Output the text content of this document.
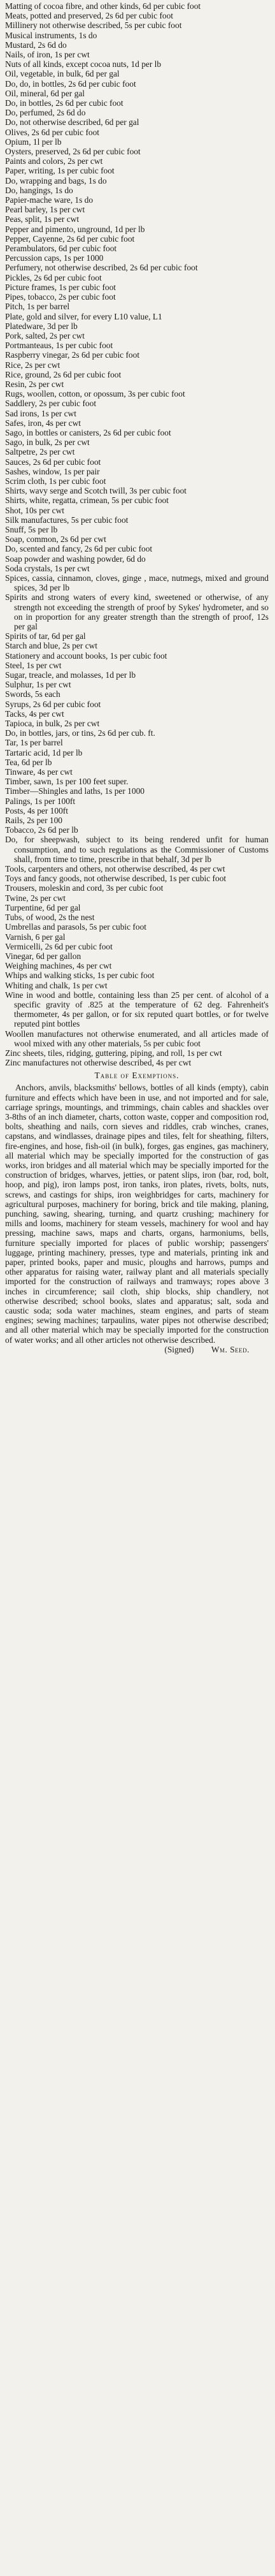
Matting of cocoa fibre, and other kinds, 6d per cubic foot

Meats, potted and preserved, 2s 6d per cubic foot

Millinery not otherwise described, 5s per cubic foot

Musical instruments, 1s do

Mustard, 2s 6d do

Nails, of iron, 1s per cwt

Nuts of all kinds, except cocoa nuts, 1d per lb

Oil, vegetable, in bulk, 6d per gal

Do, do, in bottles, 2s 6d per cubic foot

Oil, mineral, 6d per gal

Do, in bottles, 2s 6d per cubic foot

Do, perfumed, 2s 6d do

Do, not otherwise described, 6d per gal

Olives, 2s 6d per cubic foot

Opium, 1l per lb

Oysters, preserved, 2s 6d per cubic foot

Paints and colors, 2s per cwt

Paper, writing, 1s per cubic foot

Do, wrapping and bags, 1s do

Do, hangings, 1s do

Papier-mache ware, 1s do

Pearl barley, 1s per cwt

Peas, split, 1s per cwt

Pepper and pimento, unground, 1d per lb

Pepper, Cayenne, 2s 6d per cubic foot

Perambulators, 6d per cubic foot

Percussion caps, 1s per 1000

Perfumery, not otherwise described, 2s 6d per cubic foot

Pickles, 2s 6d per cubic foot

Picture frames, 1s per cubic foot

Pipes, tobacco, 2s per cubic foot

Pitch, 1s per barrel

Plate, gold and silver, for every L10 value, L1

Platedware, 3d per lb

Pork, salted, 2s per cwt

Portmanteaus, 1s per cubic foot

Raspberry vinegar, 2s 6d per cubic foot

Rice, 2s per cwt

Rice, ground, 2s 6d per cubic foot

Resin, 2s per cwt

Rugs, woollen, cotton, or opossum, 3s per cubic foot

Saddlery, 2s per cubic foot

Sad irons, 1s per cwt

Safes, iron, 4s per cwt

Sago, in bottles or canisters, 2s 6d per cubic foot

Sago, in bulk, 2s per cwt

Saltpetre, 2s per cwt

Sauces, 2s 6d per cubic foot

Sashes, window, 1s per pair

Scrim cloth, 1s per cubic foot

Shirts, wavy serge and Scotch twill, 3s per cubic foot

Shirts, white, regatta, crimean, 5s per cubic foot

Shot, 10s per cwt

Silk manufactures, 5s per cubic foot

Snuff, 5s per lb

Soap, common, 2s 6d per cwt

Do, scented and fancy, 2s 6d per cubic foot

Soap powder and washing powder, 6d do

Soda crystals, 1s per cwt

Spices, cassia, cinnamon, cloves, ginge , mace, nutmegs, mixed and ground spices, 3d per lb

Spirits and strong waters of every kind, sweetened or otherwise, of any strength not exceeding the strength of proof by Sykes' hydrometer, and so on in proportion for any greater strength than the strength of proof, 12s per gal

Spirits of tar, 6d per gal

Starch and blue, 2s per cwt

Stationery and account books, 1s per cubic foot

Steel, 1s per cwt

Sugar, treacle, and molasses, 1d per lb

Sulphur, 1s per cwt

Swords, 5s each

Syrups, 2s 6d per cubic foot

Tacks, 4s per cwt

Tapioca, in bulk, 2s per cwt

Do, in bottles, jars, or tins, 2s 6d per cub. ft.

Tar, 1s per barrel

Tartaric acid, 1d per lb

Tea, 6d per lb

Tinware, 4s per cwt

Timber, sawn, 1s per 100 feet super.

Timber—Shingles and laths, 1s per 1000

Palings, 1s per 100ft

Posts, 4s per 100ft

Rails, 2s per 100

Tobacco, 2s 6d per lb

Do, for sheepwash, subject to its being rendered unfit for human consumption, and to such regulations as the Commissioner of Customs shall, from time to time, prescribe in that behalf, 3d per lb

Tools, carpenters and others, not otherwise described, 4s per cwt

Toys and fancy goods, not otherwise described, 1s per cubic foot

Trousers, moleskin and cord, 3s per cubic foot

Twine, 2s per cwt

Turpentine, 6d per gal

Tubs, of wood, 2s the nest

Umbrellas and parasols, 5s per cubic foot

Varnish, 6 per gal

Vermicelli, 2s 6d per cubic foot

Vinegar, 6d per gallon

Weighing machines, 4s per cwt

Whips and walking sticks, 1s per cubic foot

Whiting and chalk, 1s per cwt

Wine in wood and bottle, containing less than 25 per cent. of alcohol of a specific gravity of .825 at the temperature of 62 deg. Fahrenheit's thermometer, 4s per gallon, or for six reputed quart bottles, or for twelve reputed pint bottles

Woollen manufactures not otherwise enumerated, and all articles made of wool mixed with any other materials, 5s per cubic foot

Zinc sheets, tiles, ridging, guttering, piping, and roll, 1s per cwt

Zinc manufactures not otherwise described, 4s per cwt

Table of Exemptions.

Anchors, anvils, blacksmiths' bellows, bottles of all kinds (empty), cabin furniture and effects which have been in use, and not imported and for sale, carriage springs, mountings, and trimmings, chain cables and shackles over 3-8ths of an inch diameter, charts, cotton waste, copper and composition rod, bolts, sheathing and nails, corn sieves and riddles, crab winches, cranes, capstans, and windlasses, drainage pipes and tiles, felt for sheathing, filters, fire-engines, and hose, fish-oil (in bulk), forges, gas engines, gas machinery, all material which may be specially imported for the construction of gas works, iron bridges and all material which may be specially imported for the construction of bridges, wharves, jetties, or patent slips, iron (bar, rod, bolt, hoop, and pig), iron lamps post, iron tanks, iron plates, rivets, bolts, nuts, screws, and castings for ships, iron weighbridges for carts, machinery for agricultural purposes, machinery for boring, brick and tile making, planing, punching, sawing, shearing, turning, and quartz crushing; machinery for mills and looms, machinery for steam vessels, machinery for wool and hay pressing, machine saws, maps and charts, organs, harmoniums, bells, furniture specially imported for places of public worship; passengers' luggage, printing machinery, presses, type and materials, printing ink and paper, printed books, paper and music, ploughs and harrows, pumps and other apparatus for raising water, railway plant and all materials specially imported for the construction of railways and tramways; ropes above 3 inches in circumference; sail cloth, ship blocks, ship chandlery, not otherwise described; school books, slates and apparatus; salt, soda and caustic soda; soda water machines, steam engines, and parts of steam engines; sewing machines; tarpaulins, water pipes not otherwise described; and all other material which may be specially imported for the construction of water works; and all other articles not otherwise described.

(Signed) Wm. Seed.
